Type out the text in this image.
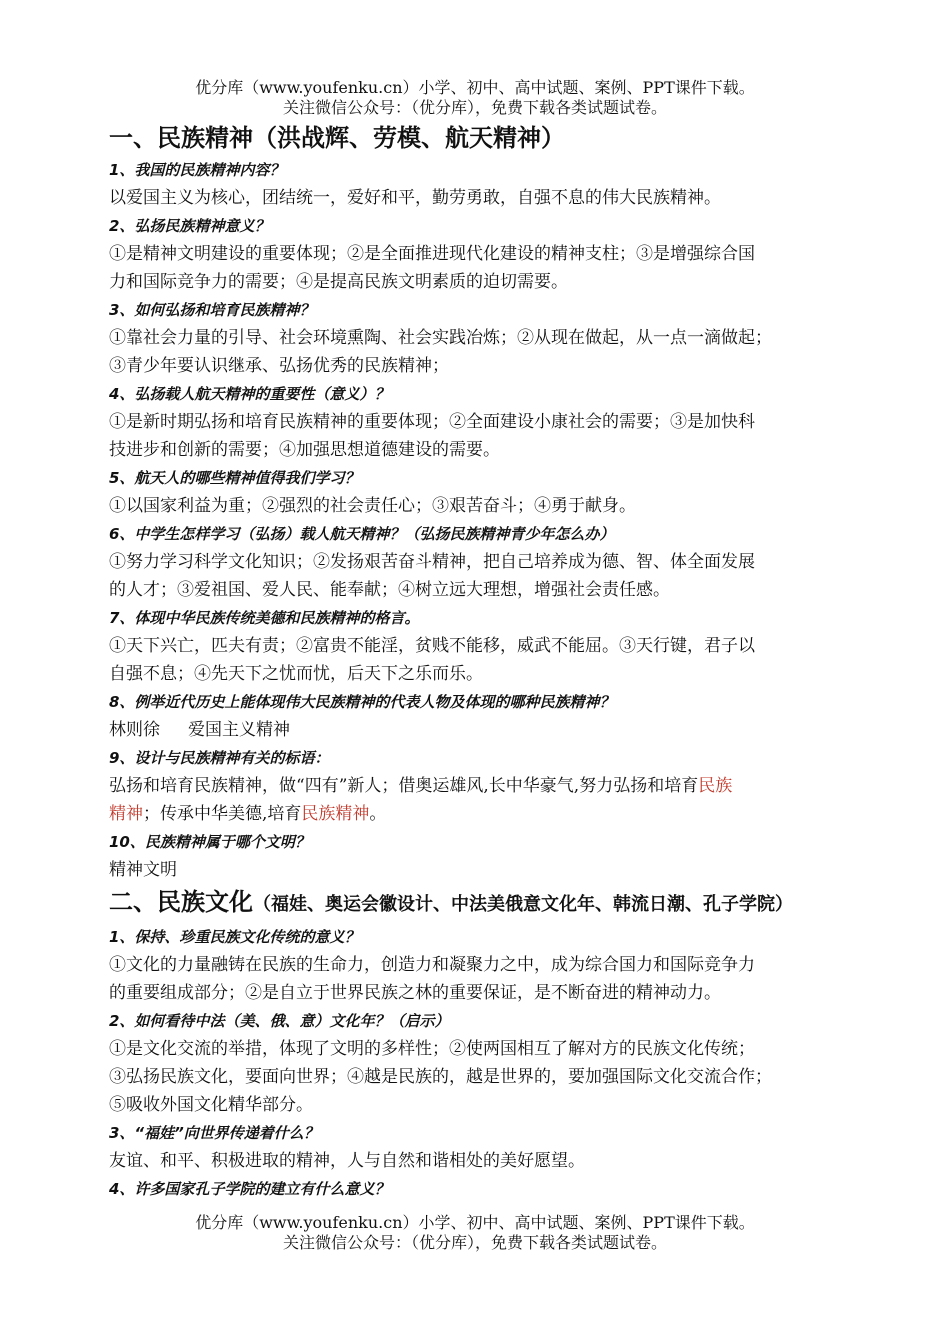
优分库（www.youfenku.cn）小学、初中、高中试题、案例、PPT课件下载。
关注微信公众号：（优分库），免费下载各类试题试卷。
一、民族精神（洪战辉、劳模、航天精神）

1、我国的民族精神内容？

以爱国主义为核心，团结统一，爱好和平，勤劳勇敢，自强不息的伟大民族精神。

2、弘扬民族精神意义？

①是精神文明建设的重要体现；②是全面推进现代化建设的精神支柱；③是增强综合国

力和国际竞争力的需要；④是提高民族文明素质的迫切需要。

3、如何弘扬和培育民族精神？

①靠社会力量的引导、社会环境熏陶、社会实践冶炼；②从现在做起，从一点一滴做起；

③青少年要认识继承、弘扬优秀的民族精神；

4、弘扬载人航天精神的重要性（意义）？

①是新时期弘扬和培育民族精神的重要体现；②全面建设小康社会的需要；③是加快科

技进步和创新的需要；④加强思想道德建设的需要。

5、航天人的哪些精神值得我们学习？

①以国家利益为重；②强烈的社会责任心；③艰苦奋斗；④勇于献身。

6、中学生怎样学习（弘扬）载人航天精神？（弘扬民族精神青少年怎么办）

①努力学习科学文化知识；②发扬艰苦奋斗精神，把自己培养成为德、智、体全面发展

的人才；③爱祖国、爱人民、能奉献；④树立远大理想，增强社会责任感。

7、体现中华民族传统美德和民族精神的格言。

①天下兴亡，匹夫有责；②富贵不能淫，贫贱不能移，威武不能屈。③天行键，君子以

自强不息；④先天下之忧而忧，后天下之乐而乐。

8、例举近代历史上能体现伟大民族精神的代表人物及体现的哪种民族精神？

林则徐 爱国主义精神

9、设计与民族精神有关的标语：

弘扬和培育民族精神，做“四有”新人；借奥运雄风,长中华豪气,努力弘扬和培育民族

精神；传承中华美德,培育民族精神。

10、民族精神属于哪个文明？

精神文明

二、民族文化（福娃、奥运会徽设计、中法美俄意文化年、韩流日潮、孔子学院）

1、保持、珍重民族文化传统的意义？

①文化的力量融铸在民族的生命力，创造力和凝聚力之中，成为综合国力和国际竞争力

的重要组成部分；②是自立于世界民族之林的重要保证，是不断奋进的精神动力。

2、如何看待中法（美、俄、意）文化年？（启示）

①是文化交流的举措，体现了文明的多样性；②使两国相互了解对方的民族文化传统；

③弘扬民族文化，要面向世界；④越是民族的，越是世界的，要加强国际文化交流合作；

⑤吸收外国文化精华部分。

3、“福娃”向世界传递着什么？

友谊、和平、积极进取的精神，人与自然和谐相处的美好愿望。

4、许多国家孔子学院的建立有什么意义？

优分库（www.youfenku.cn）小学、初中、高中试题、案例、PPT课件下载。
关注微信公众号：（优分库），免费下载各类试题试卷。
